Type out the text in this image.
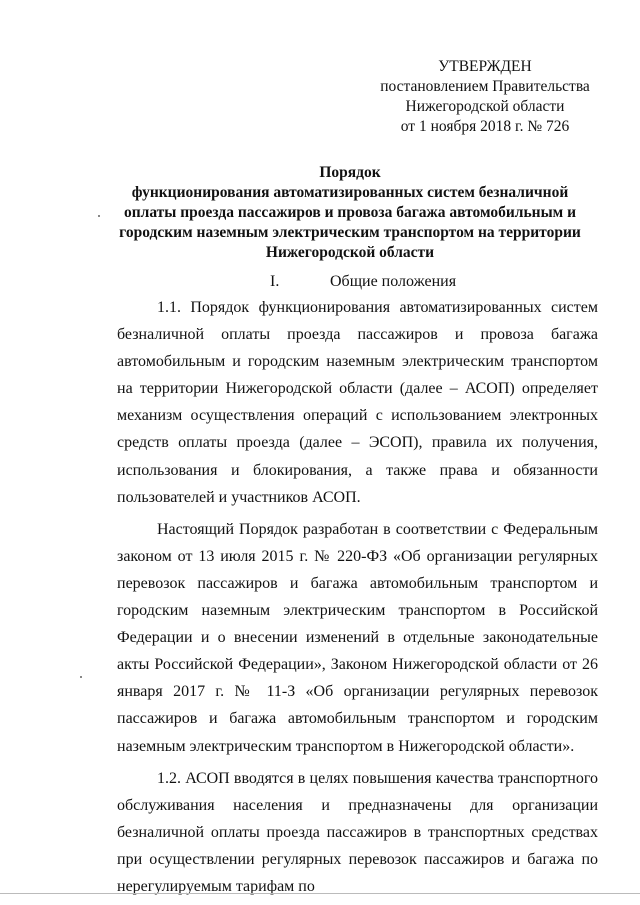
УТВЕРЖДЕН
постановлением Правительства
Нижегородской области
от 1 ноября 2018 г. № 726
Порядок
функционирования автоматизированных систем безналичной
оплаты проезда пассажиров и провоза багажа автомобильным и
городским наземным электрическим транспортом на территории
Нижегородской области
I.	Общие положения

1.1. Порядок функционирования автоматизированных систем безналичной оплаты проезда пассажиров и провоза багажа автомобильным и городским наземным электрическим транспортом на территории Нижегородской области (далее – АСОП) определяет механизм осуществления операций с использованием электронных средств оплаты проезда (далее – ЭСОП), правила их получения, использования и блокирования, а также права и обязанности пользователей и участников АСОП.

Настоящий Порядок разработан в соответствии с Федеральным законом от 13 июля 2015 г. № 220-ФЗ «Об организации регулярных перевозок пассажиров и багажа автомобильным транспортом и городским наземным электрическим транспортом в Российской Федерации и о внесении изменений в отдельные законодательные акты Российской Федерации», Законом Нижегородской области от 26 января 2017 г. № 11-З «Об организации регулярных перевозок пассажиров и багажа автомобильным транспортом и городским наземным электрическим транспортом в Нижегородской области».

1.2. АСОП вводятся в целях повышения качества транспортного обслуживания населения и предназначены для организации безналичной оплаты проезда пассажиров в транспортных средствах при осуществлении регулярных перевозок пассажиров и багажа по нерегулируемым тарифам по
